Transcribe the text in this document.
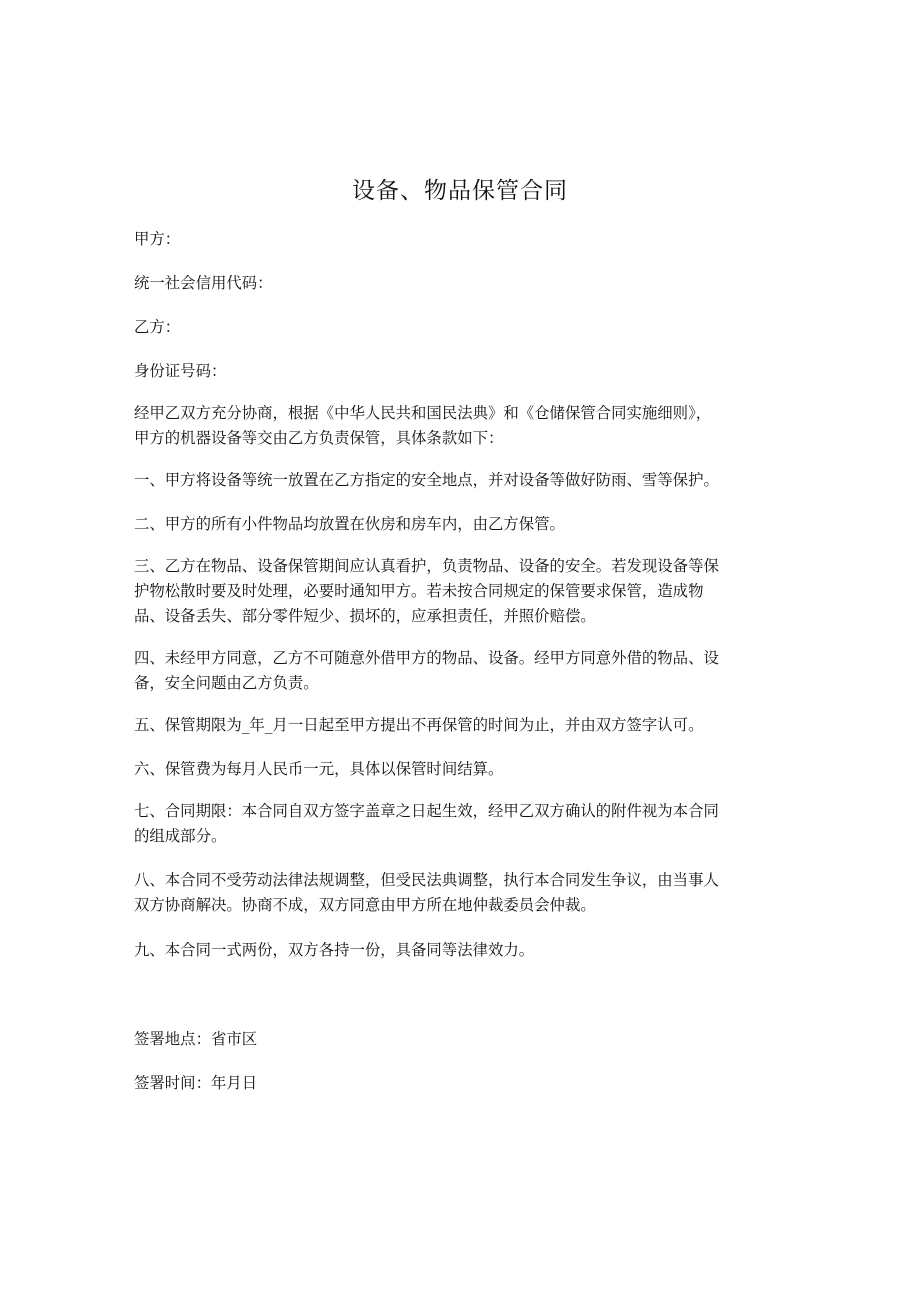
设备、物品保管合同
甲方：
统一社会信用代码：
乙方：
身份证号码：
经甲乙双方充分协商，根据《中华人民共和国民法典》和《仓储保管合同实施细则》，
甲方的机器设备等交由乙方负责保管，具体条款如下：
一、甲方将设备等统一放置在乙方指定的安全地点，并对设备等做好防雨、雪等保护。
二、甲方的所有小件物品均放置在伙房和房车内，由乙方保管。
三、乙方在物品、设备保管期间应认真看护，负责物品、设备的安全。若发现设备等保
护物松散时要及时处理，必要时通知甲方。若未按合同规定的保管要求保管，造成物
品、设备丢失、部分零件短少、损坏的，应承担责任，并照价赔偿。
四、未经甲方同意，乙方不可随意外借甲方的物品、设备。经甲方同意外借的物品、设
备，安全问题由乙方负责。
五、保管期限为_年_月一日起至甲方提出不再保管的时间为止，并由双方签字认可。
六、保管费为每月人民币一元，具体以保管时间结算。
七、合同期限：本合同自双方签字盖章之日起生效，经甲乙双方确认的附件视为本合同
的组成部分。
八、本合同不受劳动法律法规调整，但受民法典调整，执行本合同发生争议，由当事人
双方协商解决。协商不成，双方同意由甲方所在地仲裁委员会仲裁。
九、本合同一式两份，双方各持一份，具备同等法律效力。
签署地点：省市区
签署时间：年月日
